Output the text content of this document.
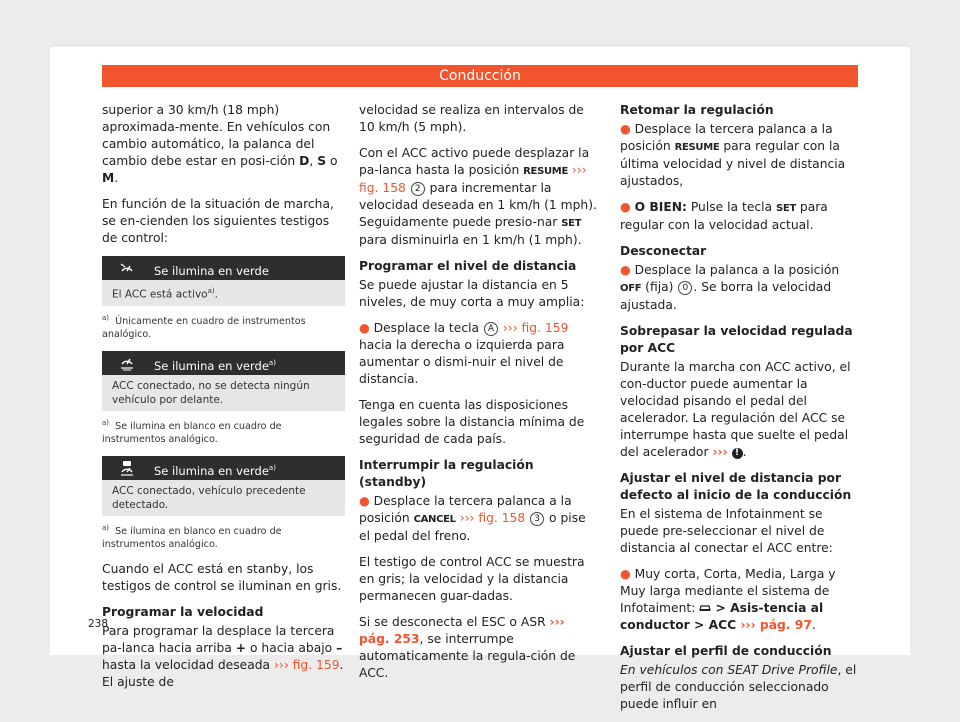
Conducción

superior a 30 km/h (18 mph) aproximada-mente. En vehículos con cambio automático, la palanca del cambio debe estar en posi-ción D, S o M.

En función de la situación de marcha, se en-cienden los siguientes testigos de control:

Se ilumina en verde
El ACC está activo$^{a)}$.
$^{a)}$ Únicamente en cuadro de instrumentos analógico.
Se ilumina en verde$^{a)}$
ACC conectado, no se detecta ningún vehículo por delante.
$^{a)}$ Se ilumina en blanco en cuadro de instrumentos analógico.
Se ilumina en verde$^{a)}$
ACC conectado, vehículo precedente detectado.
$^{a)}$ Se ilumina en blanco en cuadro de instrumentos analógico.

Cuando el ACC está en stanby, los testigos de control se iluminan en gris.

Programar la velocidad

Para programar la desplace la tercera pa-lanca hacia arriba + o hacia abajo – hasta la velocidad deseada ››› fig. 159. El ajuste de

velocidad se realiza en intervalos de 10 km/h (5 mph).

Con el ACC activo puede desplazar la pa-lanca hasta la posición RESUME ››› fig. 158 2 para incrementar la velocidad deseada en 1 km/h (1 mph). Seguidamente puede presio-nar SET para disminuirla en 1 km/h (1 mph).

Programar el nivel de distancia

Se puede ajustar la distancia en 5 niveles, de muy corta a muy amplia:

● Desplace la tecla A ››› fig. 159 hacia la derecha o izquierda para aumentar o dismi-nuir el nivel de distancia.

Tenga en cuenta las disposiciones legales sobre la distancia mínima de seguridad de cada país.

Interrumpir la regulación (standby)

● Desplace la tercera palanca a la posición CANCEL ››› fig. 158 3 o pise el pedal del freno.

El testigo de control ACC se muestra en gris; la velocidad y la distancia permanecen guar-dadas.

Si se desconecta el ESC o ASR ››› pág. 253, se interrumpe automaticamente la regula-ción de ACC.

Retomar la regulación

● Desplace la tercera palanca a la posición RESUME para regular con la última velocidad y nivel de distancia ajustados,

● O BIEN: Pulse la tecla SET para regular con la velocidad actual.

Desconectar

● Desplace la palanca a la posición OFF (fija) 0 . Se borra la velocidad ajustada.

Sobrepasar la velocidad regulada por ACC

Durante la marcha con ACC activo, el con-ductor puede aumentar la velocidad pisando el pedal del acelerador. La regulación del ACC se interrumpe hasta que suelte el pedal del acelerador ››› ! .

Ajustar el nivel de distancia por defecto al inicio de la conducción

En el sistema de Infotainment se puede pre-seleccionar el nivel de distancia al conectar el ACC entre:

● Muy corta, Corta, Media, Larga y Muy larga mediante el sistema de Infotaiment:  > Asis-tencia al conductor > ACC ››› pág. 97.

Ajustar el perfil de conducción

En vehículos con SEAT Drive Profile, el perfil de conducción seleccionado puede influir en

238
